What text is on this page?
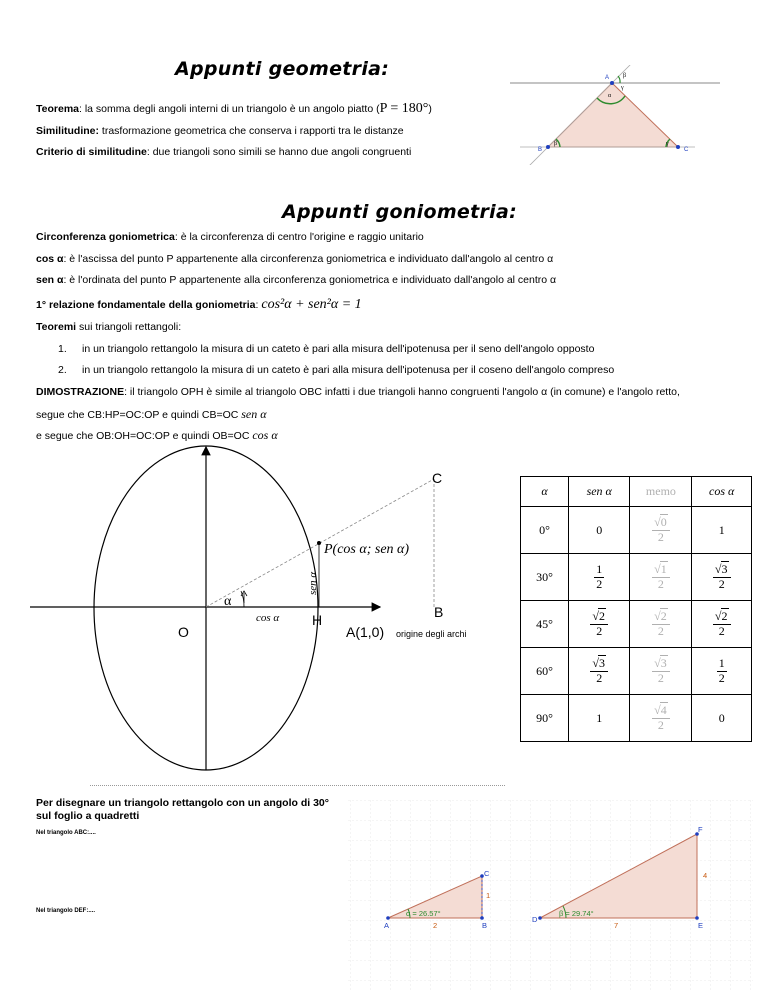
Appunti geometria:
Teorema: la somma degli angoli interni di un triangolo è un angolo piatto (P = 180°)
Similitudine: trasformazione geometrica che conserva i rapporti tra le distanze
Criterio di similitudine: due triangoli sono simili se hanno due angoli congruenti	B
A
C
α
β	γ
β
γ
Appunti goniometria:
Circonferenza goniometrica: è la circonferenza di centro l'origine e raggio unitario
cos α: è l'ascissa del punto P appartenente alla circonferenza goniometrica e individuato dall'angolo al centro α
sen α: è l'ordinata del punto P appartenente alla circonferenza goniometrica e individuato dall'angolo al centro α
1° relazione fondamentale della goniometria: cos²α + sen²α = 1
Teoremi sui triangoli rettangoli:
1. in un triangolo rettangolo la misura di un cateto è pari alla misura dell'ipotenusa per il seno dell'angolo opposto
2. in un triangolo rettangolo la misura di un cateto è pari alla misura dell'ipotenusa per il coseno dell'angolo compreso
DIMOSTRAZIONE: il triangolo OPH è simile al triangolo OBC infatti i due triangoli hanno congruenti l'angolo α (in comune) e l'angolo retto,
segue che CB:HP=OC:OP e quindi CB=OC sen α
e segue che OB:OH=OC:OP e quindi OB=OC cos α
O
C
B
H
α
P(cos α; sen α)
cos α
sen α
A(1,0) origine degli archi
α	sen α	memo	cos α
0°	0	$\frac{√0}{2}$	1
30°	$\frac{1}{2}$	$\frac{√1}{2}$	$\frac{√3}{2}$

45°	$\frac{√2}{2}$	$\frac{√2}{2}$	$\frac{√2}{2}$

60°	$\frac{√3}{2}$	$\frac{√3}{2}$	$\frac{1}{2}$

90°	1	$\frac{√4}{2}$	0
Per disegnare un triangolo rettangolo con un angolo di 30°
sul foglio a quadretti
Nel triangolo ABC:....
Nel triangolo DEF:....
A	B
C
D
E
F
α = 26.57°	β = 29.74°
2
1
4
7
